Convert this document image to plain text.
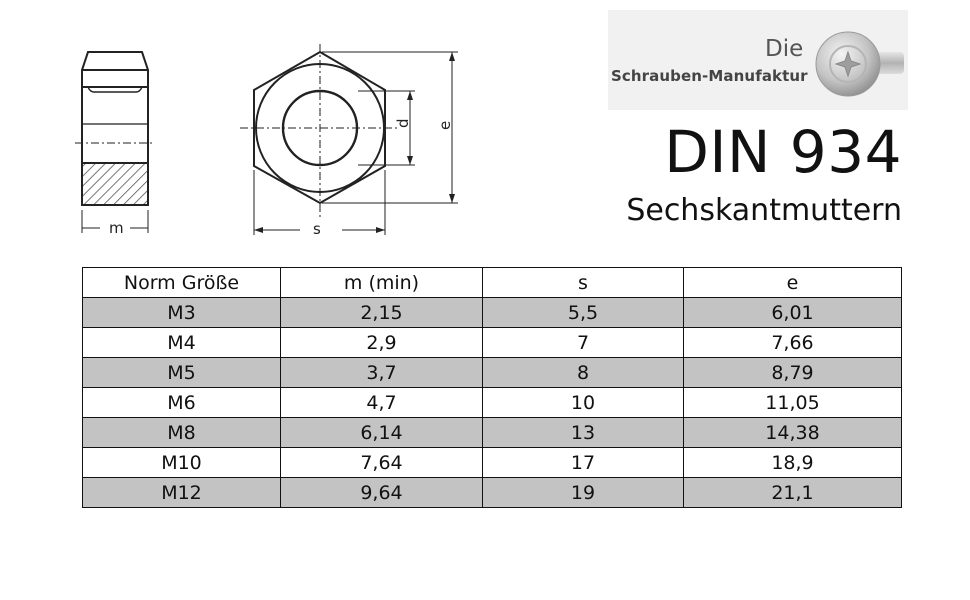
m	s
d e
Die
Schrauben-Manufaktur
DIN 934
Sechskantmuttern
Norm Größe	m (min)	s	e
M3	2,15	5,5	6,01
M4	2,9	7	7,66
M5	3,7	8	8,79
M6	4,7	10	11,05
M8	6,14	13	14,38
M10	7,64	17	18,9
M12	9,64	19	21,1
